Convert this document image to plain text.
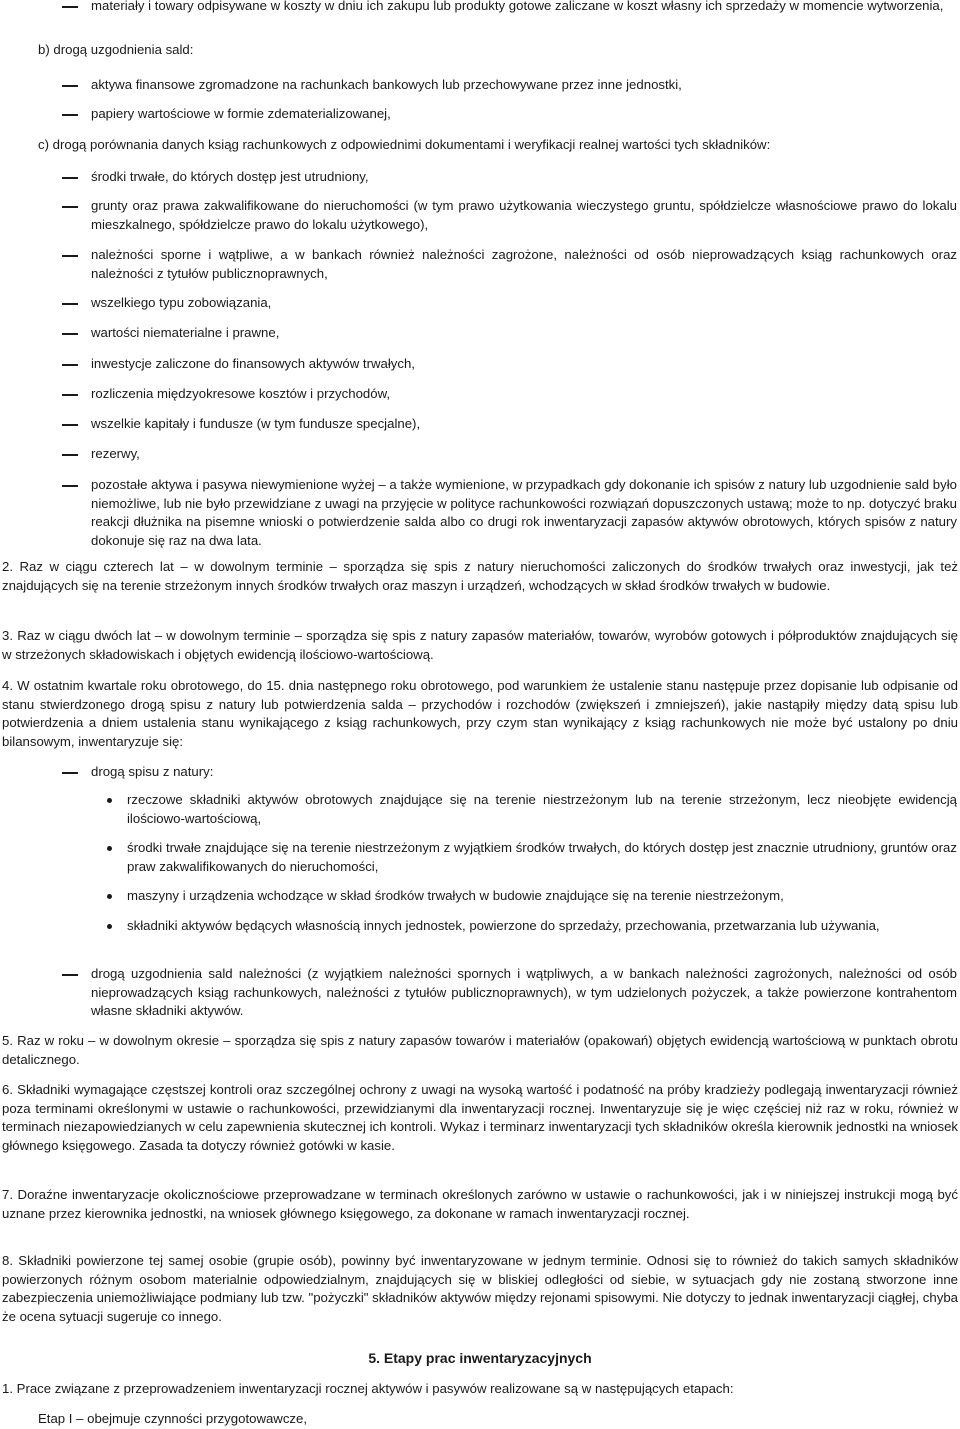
materiały i towary odpisywane w koszty w dniu ich zakupu lub produkty gotowe zaliczane w koszt własny ich sprzedaży w momencie wytworzenia,
b) drogą uzgodnienia sald:
aktywa finansowe zgromadzone na rachunkach bankowych lub przechowywane przez inne jednostki,
papiery wartościowe w formie zdematerializowanej,
c) drogą porównania danych ksiąg rachunkowych z odpowiednimi dokumentami i weryfikacji realnej wartości tych składników:
środki trwałe, do których dostęp jest utrudniony,
grunty oraz prawa zakwalifikowane do nieruchomości (w tym prawo użytkowania wieczystego gruntu, spółdzielcze własnościowe prawo do lokalu mieszkalnego, spółdzielcze prawo do lokalu użytkowego),
należności sporne i wątpliwe, a w bankach również należności zagrożone, należności od osób nieprowadzących ksiąg rachunkowych oraz należności z tytułów publicznoprawnych,
wszelkiego typu zobowiązania,
wartości niematerialne i prawne,
inwestycje zaliczone do finansowych aktywów trwałych,
rozliczenia międzyokresowe kosztów i przychodów,
wszelkie kapitały i fundusze (w tym fundusze specjalne),
rezerwy,
pozostałe aktywa i pasywa niewymienione wyżej – a także wymienione, w przypadkach gdy dokonanie ich spisów z natury lub uzgodnienie sald było niemożliwe, lub nie było przewidziane z uwagi na przyjęcie w polityce rachunkowości rozwiązań dopuszczonych ustawą; może to np. dotyczyć braku reakcji dłużnika na pisemne wnioski o potwierdzenie salda albo co drugi rok inwentaryzacji zapasów aktywów obrotowych, których spisów z natury dokonuje się raz na dwa lata.
2. Raz w ciągu czterech lat – w dowolnym terminie – sporządza się spis z natury nieruchomości zaliczonych do środków trwałych oraz inwestycji, jak też znajdujących się na terenie strzeżonym innych środków trwałych oraz maszyn i urządzeń, wchodzących w skład środków trwałych w budowie.
3. Raz w ciągu dwóch lat – w dowolnym terminie – sporządza się spis z natury zapasów materiałów, towarów, wyrobów gotowych i półproduktów znajdujących się w strzeżonych składowiskach i objętych ewidencją ilościowo-wartościową.
4. W ostatnim kwartale roku obrotowego, do 15. dnia następnego roku obrotowego, pod warunkiem że ustalenie stanu następuje przez dopisanie lub odpisanie od stanu stwierdzonego drogą spisu z natury lub potwierdzenia salda – przychodów i rozchodów (zwiększeń i zmniejszeń), jakie nastąpiły między datą spisu lub potwierdzenia a dniem ustalenia stanu wynikającego z ksiąg rachunkowych, przy czym stan wynikający z ksiąg rachunkowych nie może być ustalony po dniu bilansowym, inwentaryzuje się:
drogą spisu z natury:
rzeczowe składniki aktywów obrotowych znajdujące się na terenie niestrzeżonym lub na terenie strzeżonym, lecz nieobjęte ewidencją ilościowo-wartościową,
środki trwałe znajdujące się na terenie niestrzeżonym z wyjątkiem środków trwałych, do których dostęp jest znacznie utrudniony, gruntów oraz praw zakwalifikowanych do nieruchomości,
maszyny i urządzenia wchodzące w skład środków trwałych w budowie znajdujące się na terenie niestrzeżonym,
składniki aktywów będących własnością innych jednostek, powierzone do sprzedaży, przechowania, przetwarzania lub używania,
drogą uzgodnienia sald należności (z wyjątkiem należności spornych i wątpliwych, a w bankach należności zagrożonych, należności od osób nieprowadzących ksiąg rachunkowych, należności z tytułów publicznoprawnych), w tym udzielonych pożyczek, a także powierzone kontrahentom własne składniki aktywów.
5. Raz w roku – w dowolnym okresie – sporządza się spis z natury zapasów towarów i materiałów (opakowań) objętych ewidencją wartościową w punktach obrotu detalicznego.
6. Składniki wymagające częstszej kontroli oraz szczególnej ochrony z uwagi na wysoką wartość i podatność na próby kradzieży podlegają inwentaryzacji również poza terminami określonymi w ustawie o rachunkowości, przewidzianymi dla inwentaryzacji rocznej. Inwentaryzuje się je więc częściej niż raz w roku, również w terminach niezapowiedzianych w celu zapewnienia skutecznej ich kontroli. Wykaz i terminarz inwentaryzacji tych składników określa kierownik jednostki na wniosek głównego księgowego. Zasada ta dotyczy również gotówki w kasie.
7. Doraźne inwentaryzacje okolicznościowe przeprowadzane w terminach określonych zarówno w ustawie o rachunkowości, jak i w niniejszej instrukcji mogą być uznane przez kierownika jednostki, na wniosek głównego księgowego, za dokonane w ramach inwentaryzacji rocznej.
8. Składniki powierzone tej samej osobie (grupie osób), powinny być inwentaryzowane w jednym terminie. Odnosi się to również do takich samych składników powierzonych różnym osobom materialnie odpowiedzialnym, znajdujących się w bliskiej odległości od siebie, w sytuacjach gdy nie zostaną stworzone inne zabezpieczenia uniemożliwiające podmiany lub tzw. "pożyczki" składników aktywów między rejonami spisowymi. Nie dotyczy to jednak inwentaryzacji ciągłej, chyba że ocena sytuacji sugeruje co innego.
5. Etapy prac inwentaryzacyjnych
1. Prace związane z przeprowadzeniem inwentaryzacji rocznej aktywów i pasywów realizowane są w następujących etapach:
Etap I – obejmuje czynności przygotowawcze,
